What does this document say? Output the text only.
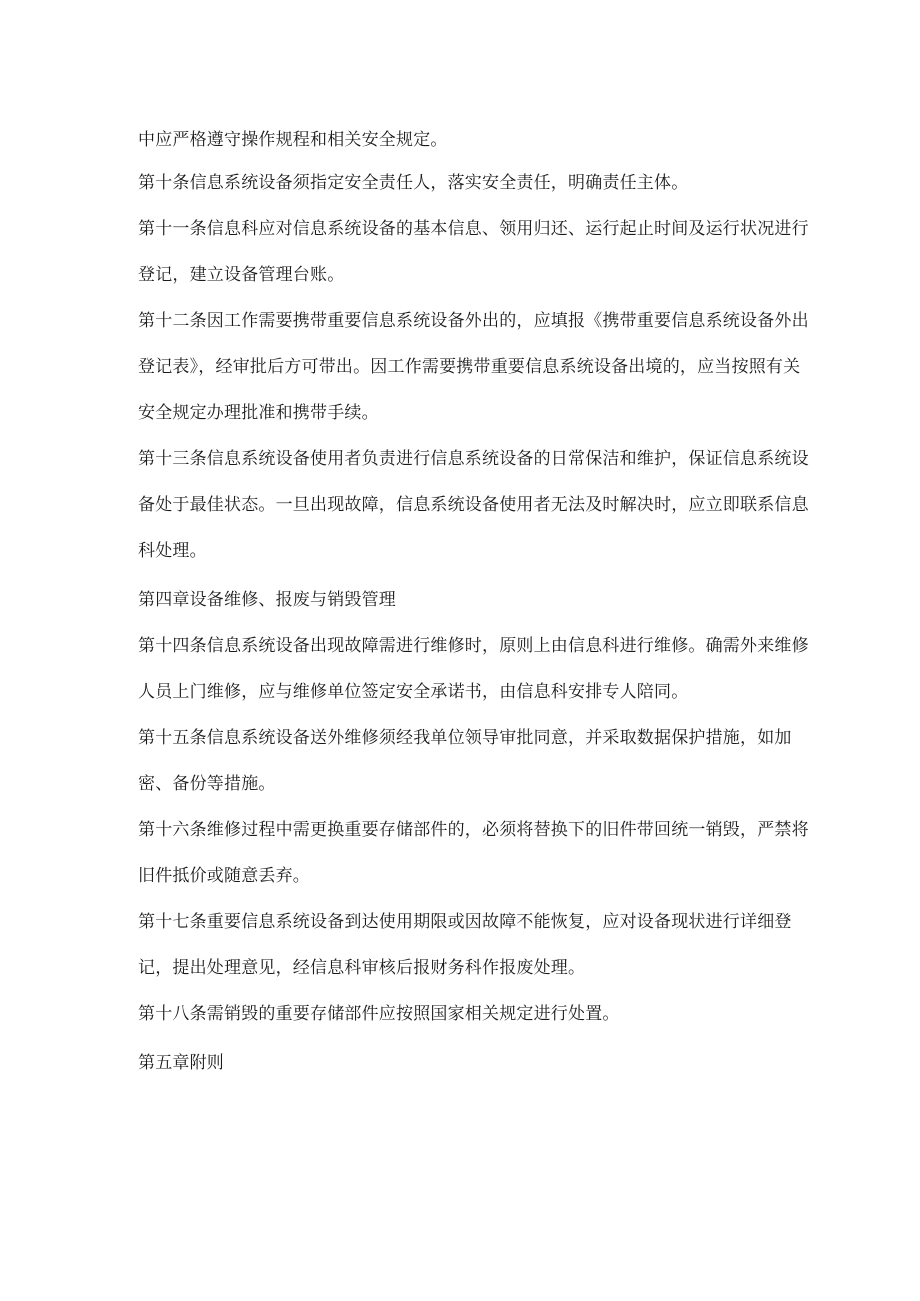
中应严格遵守操作规程和相关安全规定。
第十条信息系统设备须指定安全责任人，落实安全责任，明确责任主体。
第十一条信息科应对信息系统设备的基本信息、领用归还、运行起止时间及运行状况进行
登记，建立设备管理台账。
第十二条因工作需要携带重要信息系统设备外出的，应填报《携带重要信息系统设备外出
登记表》，经审批后方可带出。因工作需要携带重要信息系统设备出境的，应当按照有关
安全规定办理批准和携带手续。
第十三条信息系统设备使用者负责进行信息系统设备的日常保洁和维护，保证信息系统设
备处于最佳状态。一旦出现故障，信息系统设备使用者无法及时解决时，应立即联系信息
科处理。
第四章设备维修、报废与销毁管理
第十四条信息系统设备出现故障需进行维修时，原则上由信息科进行维修。确需外来维修
人员上门维修，应与维修单位签定安全承诺书，由信息科安排专人陪同。
第十五条信息系统设备送外维修须经我单位领导审批同意，并采取数据保护措施，如加
密、备份等措施。
第十六条维修过程中需更换重要存储部件的，必须将替换下的旧件带回统一销毁，严禁将
旧件抵价或随意丢弃。
第十七条重要信息系统设备到达使用期限或因故障不能恢复，应对设备现状进行详细登
记，提出处理意见，经信息科审核后报财务科作报废处理。
第十八条需销毁的重要存储部件应按照国家相关规定进行处置。
第五章附则
